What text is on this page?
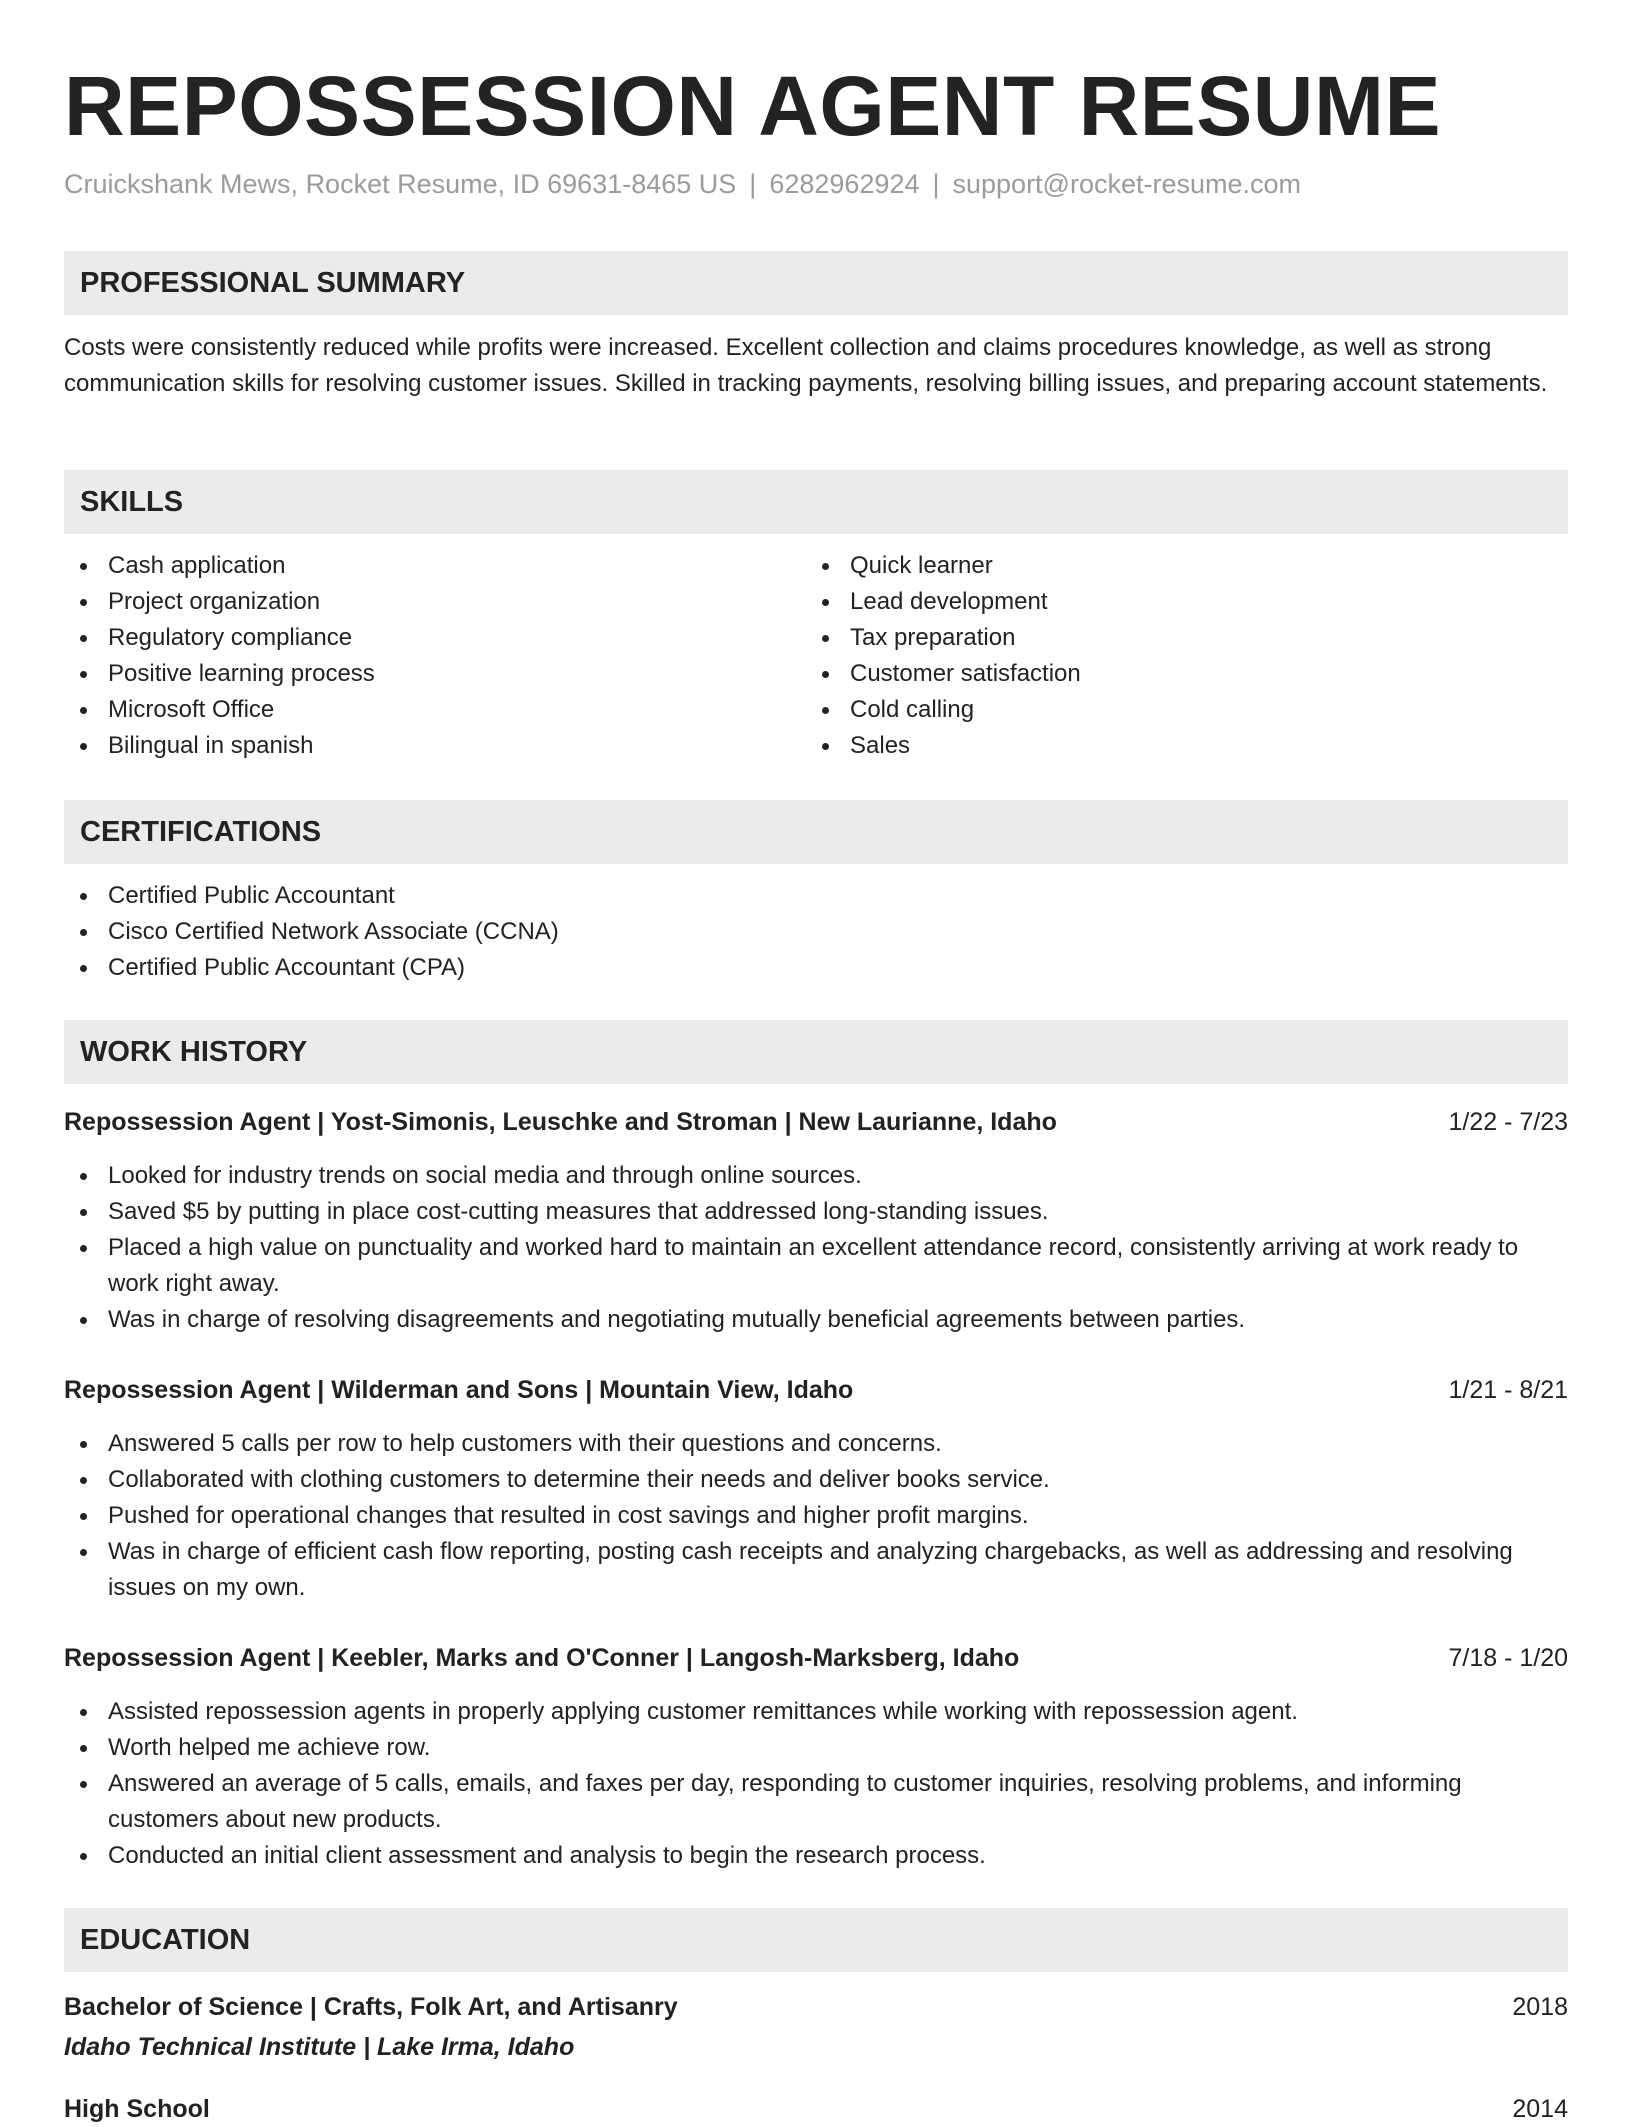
REPOSSESSION AGENT RESUME
Cruickshank Mews, Rocket Resume, ID 69631-8465 US | 6282962924 | support@rocket-resume.com
PROFESSIONAL SUMMARY
Costs were consistently reduced while profits were increased. Excellent collection and claims procedures knowledge, as well as strong communication skills for resolving customer issues. Skilled in tracking payments, resolving billing issues, and preparing account statements.
SKILLS
Cash application
Project organization
Regulatory compliance
Positive learning process
Microsoft Office
Bilingual in spanish
Quick learner
Lead development
Tax preparation
Customer satisfaction
Cold calling
Sales
CERTIFICATIONS
Certified Public Accountant
Cisco Certified Network Associate (CCNA)
Certified Public Accountant (CPA)
WORK HISTORY
Repossession Agent | Yost-Simonis, Leuschke and Stroman | New Laurianne, Idaho	1/22 - 7/23
Looked for industry trends on social media and through online sources.
Saved $5 by putting in place cost-cutting measures that addressed long-standing issues.
Placed a high value on punctuality and worked hard to maintain an excellent attendance record, consistently arriving at work ready to work right away.
Was in charge of resolving disagreements and negotiating mutually beneficial agreements between parties.
Repossession Agent | Wilderman and Sons | Mountain View, Idaho	1/21 - 8/21
Answered 5 calls per row to help customers with their questions and concerns.
Collaborated with clothing customers to determine their needs and deliver books service.
Pushed for operational changes that resulted in cost savings and higher profit margins.
Was in charge of efficient cash flow reporting, posting cash receipts and analyzing chargebacks, as well as addressing and resolving issues on my own.
Repossession Agent | Keebler, Marks and O'Conner | Langosh-Marksberg, Idaho	7/18 - 1/20
Assisted repossession agents in properly applying customer remittances while working with repossession agent.
Worth helped me achieve row.
Answered an average of 5 calls, emails, and faxes per day, responding to customer inquiries, resolving problems, and informing customers about new products.
Conducted an initial client assessment and analysis to begin the research process.
EDUCATION
Bachelor of Science | Crafts, Folk Art, and Artisanry	2018
Idaho Technical Institute | Lake Irma, Idaho
High School	2014
